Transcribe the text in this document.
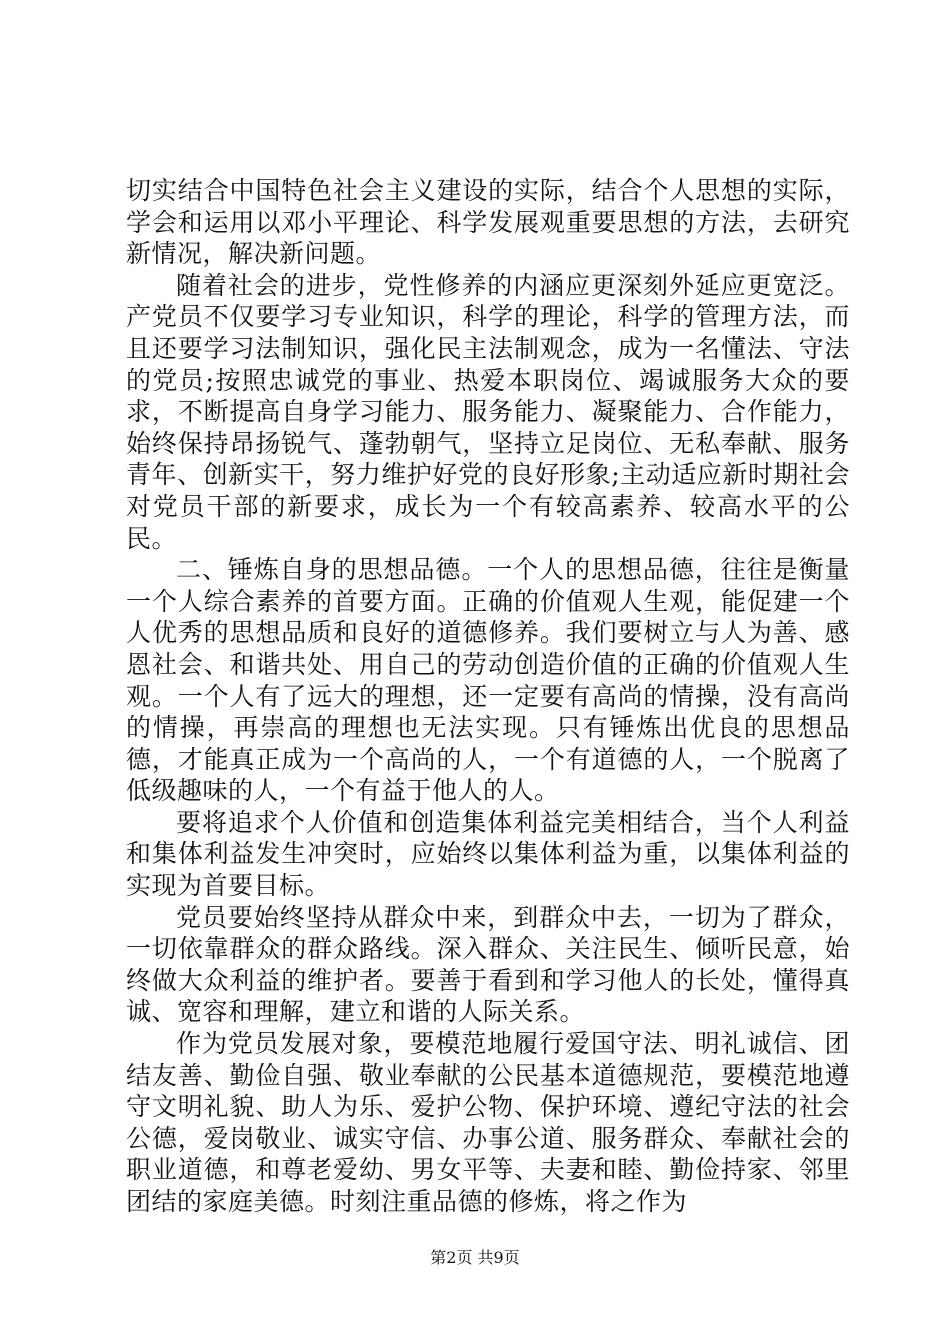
切实结合中国特色社会主义建设的实际，结合个人思想的实际，学会和运用以邓小平理论、科学发展观重要思想的方法，去研究新情况，解决新问题。

随着社会的进步，党性修养的内涵应更深刻外延应更宽泛。产党员不仅要学习专业知识，科学的理论，科学的管理方法，而且还要学习法制知识，强化民主法制观念，成为一名懂法、守法的党员;按照忠诚党的事业、热爱本职岗位、竭诚服务大众的要求，不断提高自身学习能力、服务能力、凝聚能力、合作能力，始终保持昂扬锐气、蓬勃朝气，坚持立足岗位、无私奉献、服务青年、创新实干，努力维护好党的良好形象;主动适应新时期社会对党员干部的新要求，成长为一个有较高素养、较高水平的公民。

二、锤炼自身的思想品德。一个人的思想品德，往往是衡量一个人综合素养的首要方面。正确的价值观人生观，能促建一个人优秀的思想品质和良好的道德修养。我们要树立与人为善、感恩社会、和谐共处、用自己的劳动创造价值的正确的价值观人生观。一个人有了远大的理想，还一定要有高尚的情操，没有高尚的情操，再崇高的理想也无法实现。只有锤炼出优良的思想品德，才能真正成为一个高尚的人，一个有道德的人，一个脱离了低级趣味的人，一个有益于他人的人。

要将追求个人价值和创造集体利益完美相结合，当个人利益和集体利益发生冲突时，应始终以集体利益为重，以集体利益的实现为首要目标。

党员要始终坚持从群众中来，到群众中去，一切为了群众，一切依靠群众的群众路线。深入群众、关注民生、倾听民意，始终做大众利益的维护者。要善于看到和学习他人的长处，懂得真诚、宽容和理解，建立和谐的人际关系。

作为党员发展对象，要模范地履行爱国守法、明礼诚信、团结友善、勤俭自强、敬业奉献的公民基本道德规范，要模范地遵守文明礼貌、助人为乐、爱护公物、保护环境、遵纪守法的社会公德，爱岗敬业、诚实守信、办事公道、服务群众、奉献社会的职业道德，和尊老爱幼、男女平等、夫妻和睦、勤俭持家、邻里团结的家庭美德。时刻注重品德的修炼，将之作为

第2页 共9页
